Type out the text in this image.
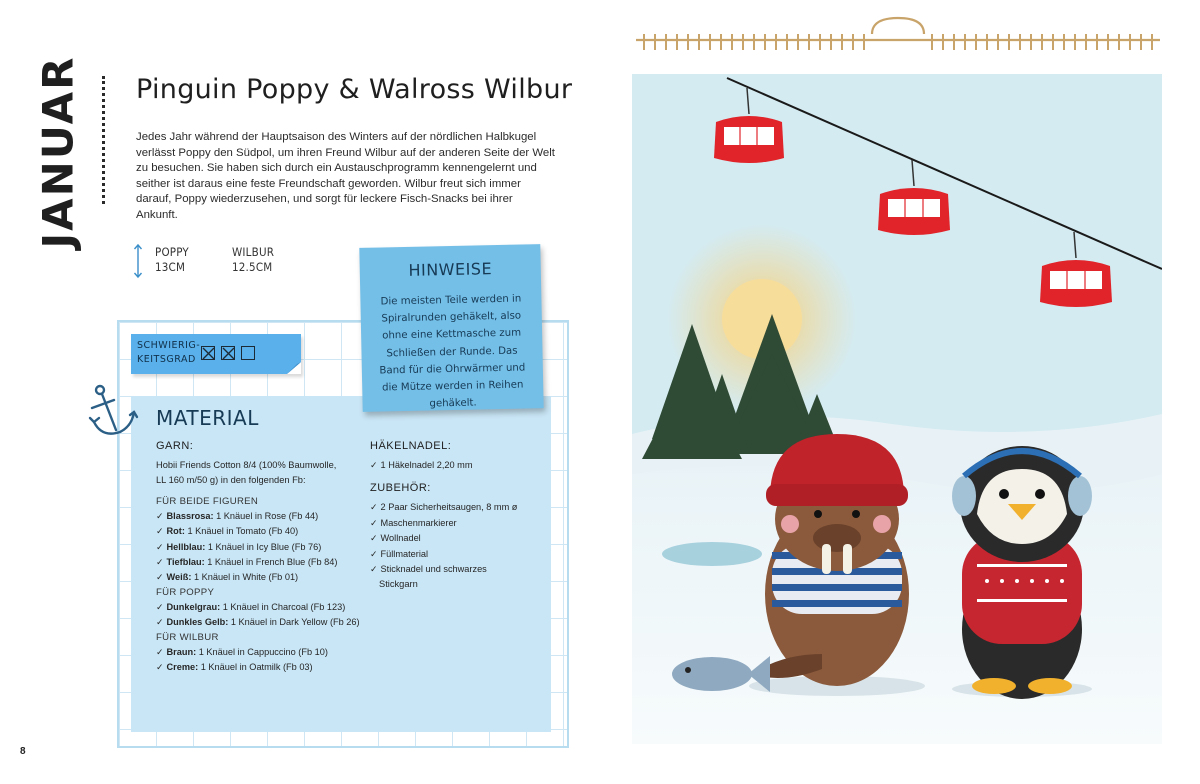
JANUAR Pinguin Poppy & Walross Wilbur
Jedes Jahr während der Hauptsaison des Winters auf der nördlichen Halbkugel verlässt Poppy den Südpol, um ihren Freund Wilbur auf der anderen Seite der Welt zu besuchen. Sie haben sich durch ein Austauschprogramm kennengelernt und seither ist daraus eine feste Freundschaft geworden. Wilbur freut sich immer darauf, Poppy wiederzusehen, und sorgt für leckere Fisch-Snacks bei ihrer Ankunft.
POPPY
13CM
WILBUR
12.5CM
SCHWIERIG-
KEITSGRAD
HINWEISE
Die meisten Teile werden in Spiralrunden gehäkelt, also ohne eine Kettmasche zum Schließen der Runde. Das Band für die Ohrwärmer und die Mütze werden in Reihen gehäkelt.
MATERIAL
GARN:
Hobii Friends Cotton 8/4 (100% Baumwolle,
LL 160 m/50 g) in den folgenden Fb:
FÜR BEIDE FIGUREN
✓ Blassrosa: 1 Knäuel in Rose (Fb 44)
✓ Rot: 1 Knäuel in Tomato (Fb 40)
✓ Hellblau: 1 Knäuel in Icy Blue (Fb 76)
✓ Tiefblau: 1 Knäuel in French Blue (Fb 84)
✓ Weiß: 1 Knäuel in White (Fb 01)
FÜR POPPY
✓ Dunkelgrau: 1 Knäuel in Charcoal (Fb 123)
✓ Dunkles Gelb: 1 Knäuel in Dark Yellow (Fb 26)
FÜR WILBUR
✓ Braun: 1 Knäuel in Cappuccino (Fb 10)
✓ Creme: 1 Knäuel in Oatmilk (Fb 03)
HÄKELNADEL:
✓ 1 Häkelnadel 2,20 mm
ZUBEHÖR:
✓ 2 Paar Sicherheitsaugen, 8 mm ø
✓ Maschenmarkierer
✓ Wollnadel
✓ Füllmaterial
✓ Sticknadel und schwarzes
Stickgarn
8
